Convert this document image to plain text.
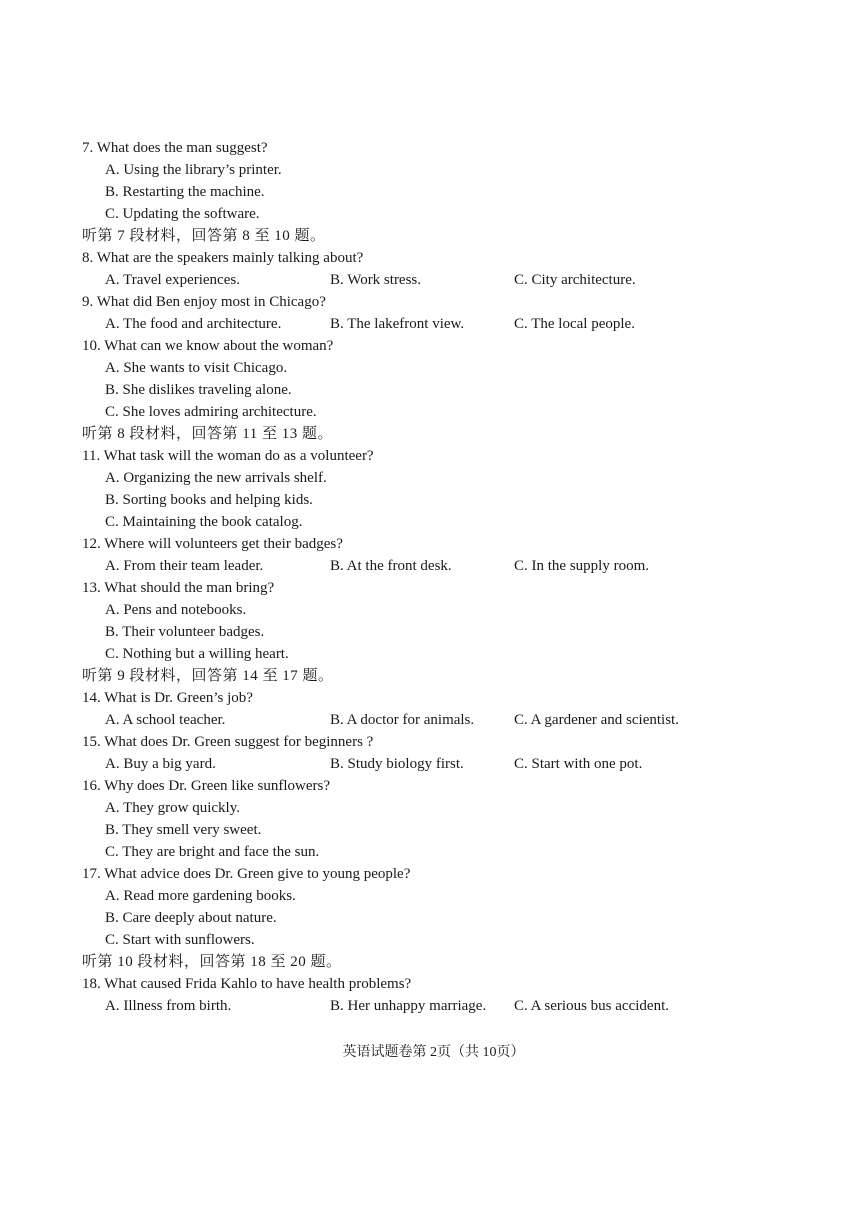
7. What does the man suggest?
A. Using the library’s printer.
B. Restarting the machine.
C. Updating the software.
听第 7 段材料，回答第 8 至 10 题。
8. What are the speakers mainly talking about?
A. Travel experiences.	B. Work stress.	C. City architecture.
9. What did Ben enjoy most in Chicago?
A. The food and architecture.	B. The lakefront view.	C. The local people.
10. What can we know about the woman?
A. She wants to visit Chicago.
B. She dislikes traveling alone.
C. She loves admiring architecture.
听第 8 段材料，回答第 11 至 13 题。
11. What task will the woman do as a volunteer?
A. Organizing the new arrivals shelf.
B. Sorting books and helping kids.
C. Maintaining the book catalog.
12. Where will volunteers get their badges?
A. From their team leader.	B. At the front desk.	C. In the supply room.
13. What should the man bring?
A. Pens and notebooks.
B. Their volunteer badges.
C. Nothing but a willing heart.
听第 9 段材料，回答第 14 至 17 题。
14. What is Dr. Green’s job?
A. A school teacher.	B. A doctor for animals.	C. A gardener and scientist.
15. What does Dr. Green suggest for beginners ?
A. Buy a big yard.	B. Study biology first.	C. Start with one pot.
16. Why does Dr. Green like sunflowers?
A. They grow quickly.
B. They smell very sweet.
C. They are bright and face the sun.
17. What advice does Dr. Green give to young people?
A. Read more gardening books.
B. Care deeply about nature.
C. Start with sunflowers.
听第 10 段材料，回答第 18 至 20 题。
18. What caused Frida Kahlo to have health problems?
A. Illness from birth.	B. Her unhappy marriage. C. A serious bus accident.
英语试题卷第 2页（共 10页）
